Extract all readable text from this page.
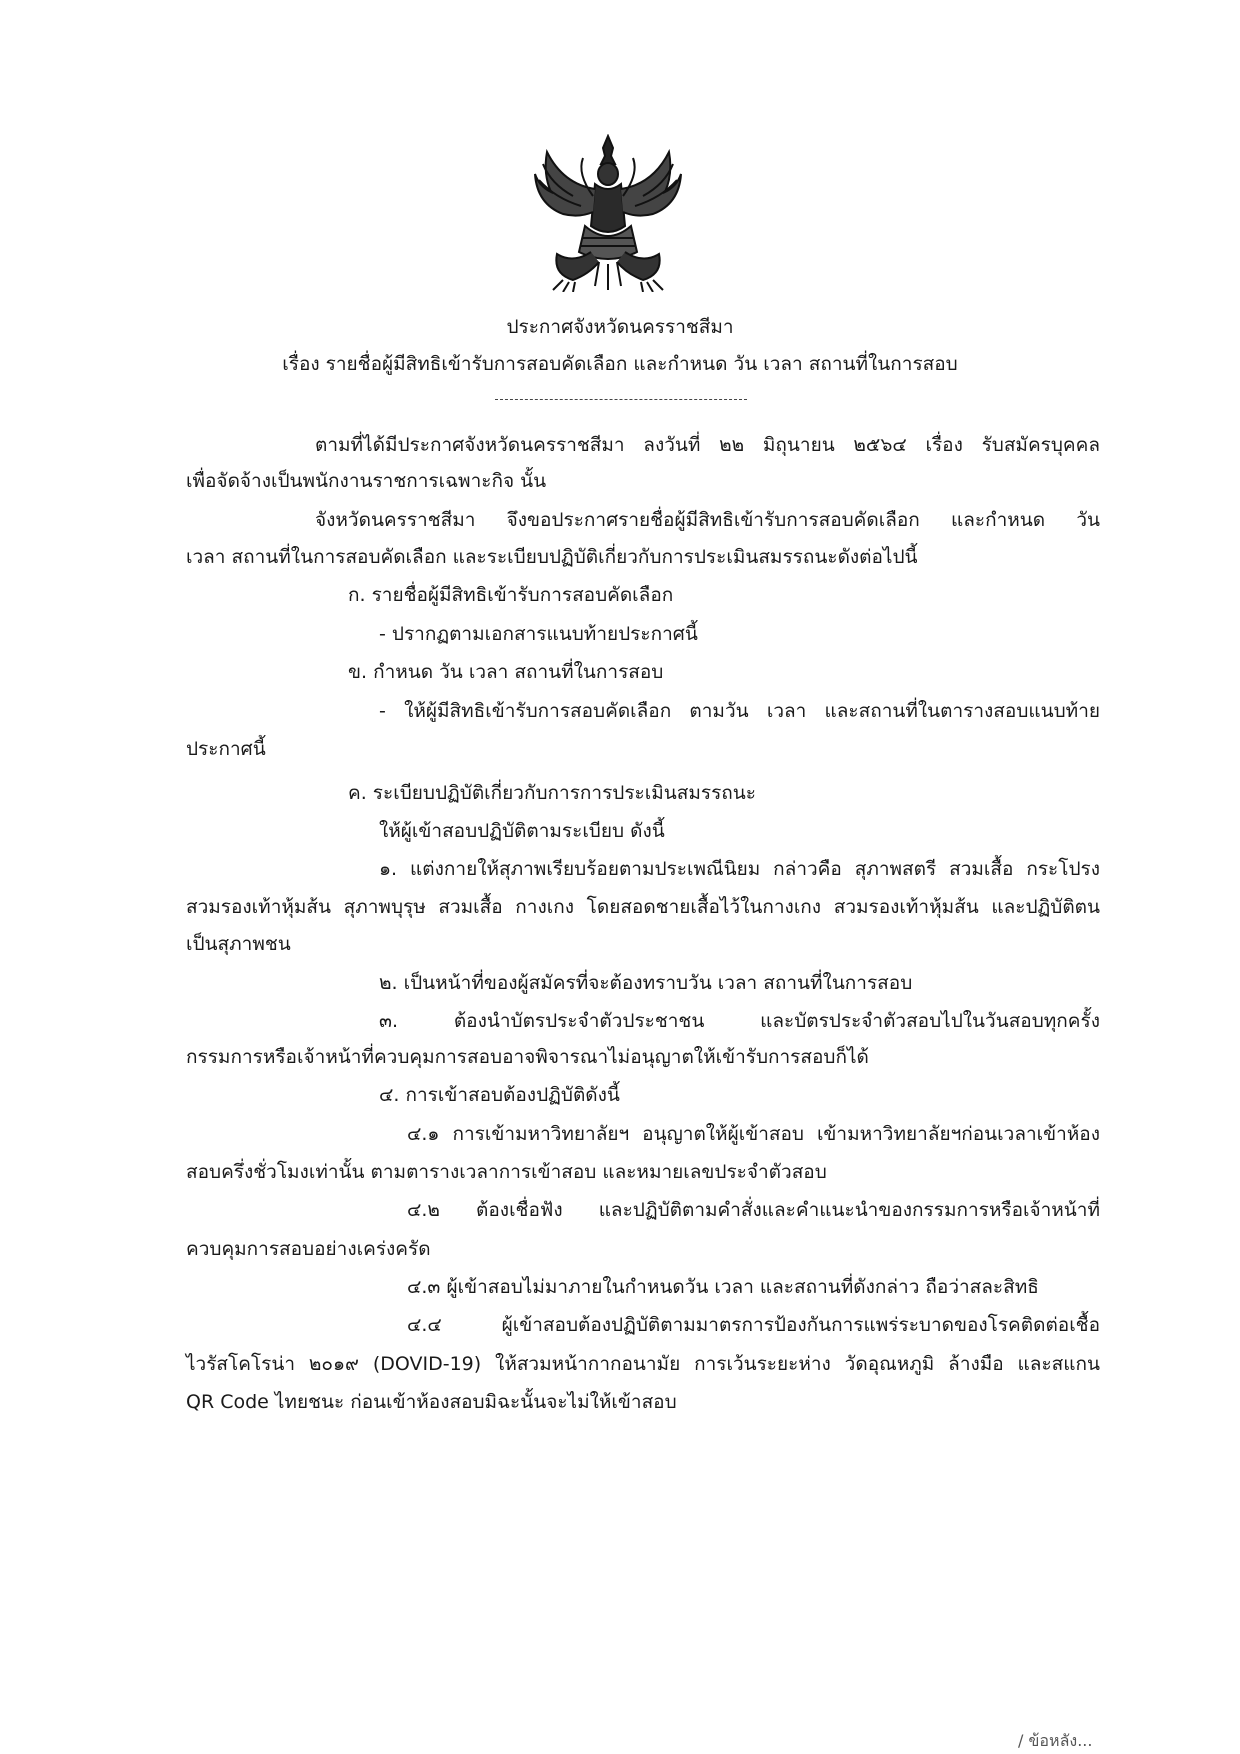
ประกาศจังหวัดนครราชสีมา
เรื่อง รายชื่อผู้มีสิทธิเข้ารับการสอบคัดเลือก และกำหนด วัน เวลา สถานที่ในการสอบ
ตามที่ได้มีประกาศจังหวัดนครราชสีมา ลงวันที่ ๒๒ มิถุนายน ๒๕๖๔ เรื่อง รับสมัครบุคคล
เพื่อจัดจ้างเป็นพนักงานราชการเฉพาะกิจ นั้น
จังหวัดนครราชสีมา จึงขอประกาศรายชื่อผู้มีสิทธิเข้ารับการสอบคัดเลือก และกำหนด วัน
เวลา สถานที่ในการสอบคัดเลือก และระเบียบปฏิบัติเกี่ยวกับการประเมินสมรรถนะดังต่อไปนี้
ก. รายชื่อผู้มีสิทธิเข้ารับการสอบคัดเลือก
- ปรากฏตามเอกสารแนบท้ายประกาศนี้
ข. กำหนด วัน เวลา สถานที่ในการสอบ
- ให้ผู้มีสิทธิเข้ารับการสอบคัดเลือก ตามวัน เวลา และสถานที่ในตารางสอบแนบท้าย
ประกาศนี้
ค. ระเบียบปฏิบัติเกี่ยวกับการการประเมินสมรรถนะ
ให้ผู้เข้าสอบปฏิบัติตามระเบียบ ดังนี้
๑. แต่งกายให้สุภาพเรียบร้อยตามประเพณีนิยม กล่าวคือ สุภาพสตรี สวมเสื้อ กระโปรง
สวมรองเท้าหุ้มส้น สุภาพบุรุษ สวมเสื้อ กางเกง โดยสอดชายเสื้อไว้ในกางเกง สวมรองเท้าหุ้มส้น และปฏิบัติตน
เป็นสุภาพชน
๒. เป็นหน้าที่ของผู้สมัครที่จะต้องทราบวัน เวลา สถานที่ในการสอบ
๓. ต้องนำบัตรประจำตัวประชาชน และบัตรประจำตัวสอบไปในวันสอบทุกครั้ง
กรรมการหรือเจ้าหน้าที่ควบคุมการสอบอาจพิจารณาไม่อนุญาตให้เข้ารับการสอบก็ได้
๔. การเข้าสอบต้องปฏิบัติดังนี้
๔.๑ การเข้ามหาวิทยาลัยฯ อนุญาตให้ผู้เข้าสอบ เข้ามหาวิทยาลัยฯก่อนเวลาเข้าห้อง
สอบครึ่งชั่วโมงเท่านั้น ตามตารางเวลาการเข้าสอบ และหมายเลขประจำตัวสอบ
๔.๒ ต้องเชื่อฟัง และปฏิบัติตามคำสั่งและคำแนะนำของกรรมการหรือเจ้าหน้าที่
ควบคุมการสอบอย่างเคร่งครัด
๔.๓ ผู้เข้าสอบไม่มาภายในกำหนดวัน เวลา และสถานที่ดังกล่าว ถือว่าสละสิทธิ
๔.๔ ผู้เข้าสอบต้องปฏิบัติตามมาตรการป้องกันการแพร่ระบาดของโรคติดต่อเชื้อ
ไวรัสโคโรน่า ๒๐๑๙ (DOVID-19) ให้สวมหน้ากากอนามัย การเว้นระยะห่าง วัดอุณหภูมิ ล้างมือ และสแกน
QR Code ไทยชนะ ก่อนเข้าห้องสอบมิฉะนั้นจะไม่ให้เข้าสอบ
/ ข้อหลัง...
